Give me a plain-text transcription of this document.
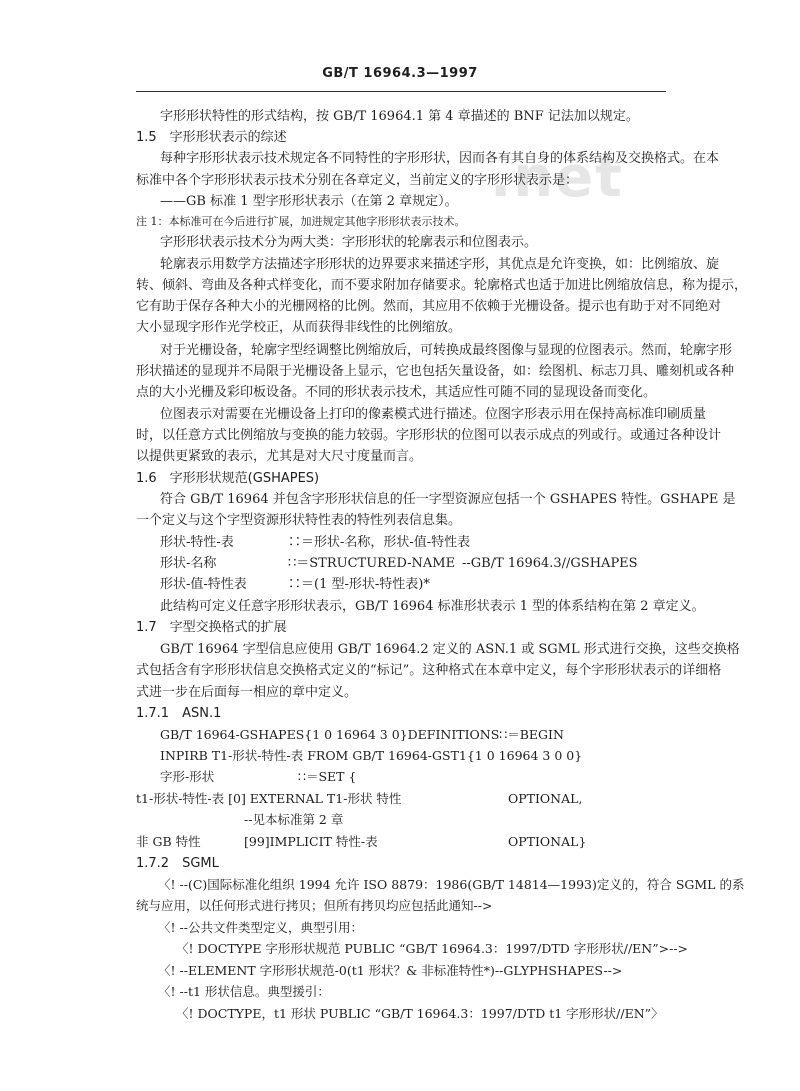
.net
GB/T 16964.3—1997
字形形状特性的形式结构，按 GB/T 16964.1 第 4 章描述的 BNF 记法加以规定。
1.5　字形形状表示的综述
每种字形形状表示技术规定各不同特性的字形形状，因而各有其自身的体系结构及交换格式。在本
标准中各个字形形状表示技术分别在各章定义，当前定义的字形形状表示是：
——GB 标准 1 型字形形状表示（在第 2 章规定）。
注 1：本标准可在今后进行扩展，加进规定其他字形形状表示技术。
字形形状表示技术分为两大类：字形形状的轮廓表示和位图表示。
轮廓表示用数学方法描述字形形状的边界要求来描述字形，其优点是允许变换，如：比例缩放、旋
转、倾斜、弯曲及各种式样变化，而不要求附加存储要求。轮廓格式也适于加进比例缩放信息，称为提示，
它有助于保存各种大小的光栅网格的比例。然而，其应用不依赖于光栅设备。提示也有助于对不同绝对
大小显现字形作光学校正，从而获得非线性的比例缩放。
对于光栅设备，轮廓字型经调整比例缩放后，可转换成最终图像与显现的位图表示。然而，轮廓字形
形状描述的显现并不局限于光栅设备上显示，它也包括矢量设备，如：绘图机、标志刀具、雕刻机或各种
点的大小光栅及彩印板设备。不同的形状表示技术，其适应性可随不同的显现设备而变化。
位图表示对需要在光栅设备上打印的像素模式进行描述。位图字形表示用在保持高标准印刷质量
时，以任意方式比例缩放与变换的能力较弱。字形形状的位图可以表示成点的列或行。或通过各种设计
以提供更紧致的表示，尤其是对大尺寸度量而言。
1.6　字形形状规范(GSHAPES)
符合 GB/T 16964 并包含字形形状信息的任一字型资源应包括一个 GSHAPES 特性。GSHAPE 是
一个定义与这个字型资源形状特性表的特性列表信息集。
形状-特性-表	∷＝形状-名称，形状-值-特性表
形状-名称	∷＝STRUCTURED-NAME --GB/T 16964.3//GSHAPES
形状-值-特性表	∷＝(1 型-形状-特性表)*
此结构可定义任意字形形状表示，GB/T 16964 标准形状表示 1 型的体系结构在第 2 章定义。
1.7　字型交换格式的扩展
GB/T 16964 字型信息应使用 GB/T 16964.2 定义的 ASN.1 或 SGML 形式进行交换，这些交换格
式包括含有字形形状信息交换格式定义的“标记”。这种格式在本章中定义，每个字形形状表示的详细格
式进一步在后面每一相应的章中定义。
1.7.1　ASN.1
GB/T 16964-GSHAPES{1 0 16964 3 0}DEFINITIONS∷＝BEGIN
INPIRB T1-形状-特性-表 FROM GB/T 16964-GST1{1 0 16964 3 0 0}
字形-形状	∷＝SET {
t1-形状-特性-表 [0] EXTERNAL T1-形状 特性	OPTIONAL,
--见本标准第 2 章
非 GB 特性	[99]IMPLICIT 特性-表	OPTIONAL}
1.7.2　SGML
〈! --(C)国际标准化组织 1994 允许 ISO 8879：1986(GB/T 14814—1993)定义的，符合 SGML 的系
统与应用，以任何形式进行拷贝；但所有拷贝均应包括此通知-->
〈! --公共文件类型定义，典型引用：
〈! DOCTYPE 字形形状规范 PUBLIC “GB/T 16964.3：1997/DTD 字形形状//EN”>-->
〈! --ELEMENT 字形形状规范-0(t1 形状？& 非标准特性*)--GLYPHSHAPES-->
〈! --t1 形状信息。典型援引：
〈! DOCTYPE，t1 形状 PUBLIC “GB/T 16964.3：1997/DTD t1 字形形状//EN”〉
